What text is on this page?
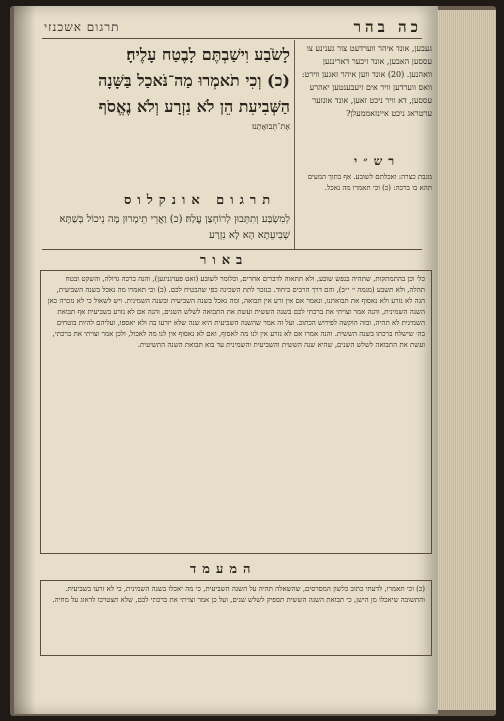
כה בהר
תרגום אשכנזי
לָשֹׂבַע וִישַׁבְתֶּם לָבֶטַח עָלֶיהָ׃
(כ) וְכִי תֹאמְרוּ מַה־נֹּאכַל בַּשָּׁנָה
הַשְּׁבִיעִת הֵן לֹא נִזְרָע וְלֹא נֶאֱסֹף
אֶת־תְּבוּאָתֵנוּ׃
געבען, אונד איהר ווערדעט צור גענינע צו עססען האבען, אונד זיכער דאריננען וואהנען. (20) אונד ווען איהר זאגען ווירט: וואס ווערדען וויר אים זיעבענטען יאהרע עססען, דא וויר ניכט זאען, אונד אונזער ערטראג ניכט איינזאממעלן?
תרגום אונקלוס
לְמִשְׂבַּע וְתִתְּבוּן לְרוֹחְצַן עֲלַהּ׃ (כ) וַאֲרֵי תֵימְרוּן מָה נֵיכוֹל בְּשַׁתָּא שְׁבִיעֵתָא הָא לָא נִזְרַע
רש״י
מגבת כצרה: ואכלתם לשובע. אף בתוך המעים תהא בו ברכה: (כ) וכי תאמרו מה נאכל.
באור

כל׳ וכן בהתמתקות, שתהיה בנפש שובע, ולא תתאוה לדברים אחרים, וכלומר לשובע (זאט פערגניגען), והנה ברכה גדולה, והשקט ובטח תהלה, ולא תשבע (מגמה י׳ י״ב), והם דרך הרבים ביחוד. כנזכר לתת השכינה כפי שהבטיח לכם. (כ) וכי תאמרו מה נאכל בשנה השביעית, הנה לא נזרע ולא נאסוף את תבואתנו, ונאמר אם אין זרע אין תבואה, ומה נאכל בשנה השביעית ובשנה השמינית. ויש לשאול כי לא נזכרה כאן השנה השמינית, והנה אמר וצויתי את ברכתי לכם בשנה הששית ועשת את התבואה לשלש השנים, והנה אם לא נזרע בשביעית אף תבואת השמינית לא תהיה, ובזה הוקשה לפירוש הכתוב. ועל זה אמר שהשנה השביעית היא שנה שלא יזרעו בה ולא יאספו, ועליהם להיות בוטחים בה׳ שישלח ברכתו בשנה הששית. והנה אמרו אם לא נזרע אין לנו מה לאסוף, ואם לא נאסוף אין לנו מה לאכול, ולכן אמר וצויתי את ברכתי, ועשת את התבואה לשלש השנים, שהיא שנה הששית והשביעית והשמינית עד בוא תבואת השנה התשיעית.

המעמד

(כ) וכי תאמרו, לדעתי כתוב כלשון המסרסים, שהשאלה תהיה על השנה השביעית, כי מה יאכלו בשנה השמינית, כי לא זרעו בשביעית. והתשובה שיאכלו מן הישן, כי תבואת השנה הששית תספיק לשלש שנים, ועל כן אמר וצויתי את ברכתי לכם, שלא תצטרכו לדאוג על מחיה.
